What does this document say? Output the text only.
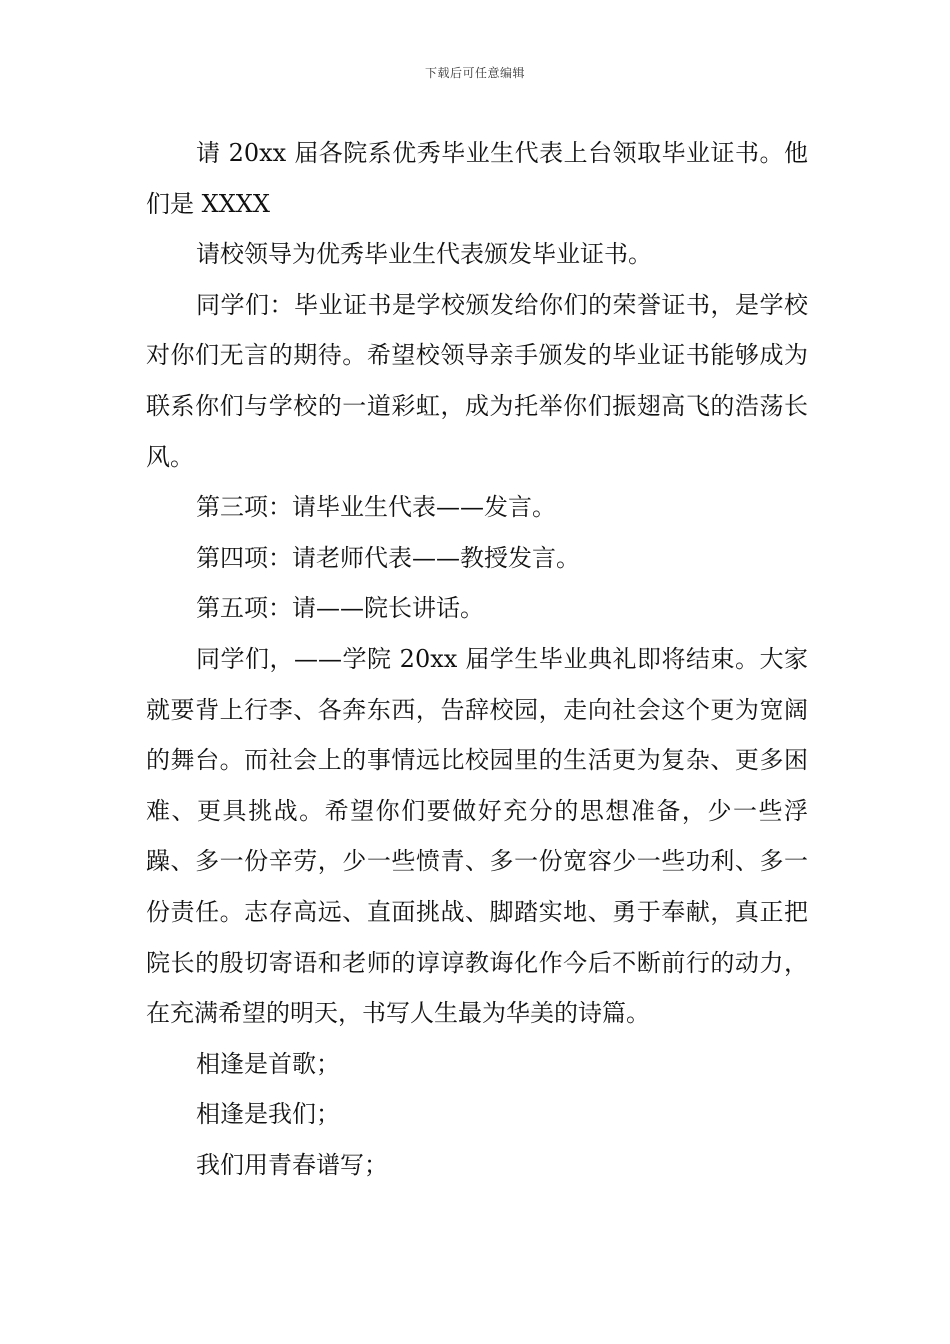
下载后可任意编辑

请 20xx 届各院系优秀毕业生代表上台领取毕业证书。他们是 XXXX

请校领导为优秀毕业生代表颁发毕业证书。

同学们：毕业证书是学校颁发给你们的荣誉证书，是学校对你们无言的期待。希望校领导亲手颁发的毕业证书能够成为联系你们与学校的一道彩虹，成为托举你们振翅高飞的浩荡长风。

第三项：请毕业生代表——发言。

第四项：请老师代表——教授发言。

第五项：请——院长讲话。

同学们，——学院 20xx 届学生毕业典礼即将结束。大家就要背上行李、各奔东西，告辞校园，走向社会这个更为宽阔的舞台。而社会上的事情远比校园里的生活更为复杂、更多困难、更具挑战。希望你们要做好充分的思想准备，少一些浮躁、多一份辛劳，少一些愤青、多一份宽容少一些功利、多一份责任。志存高远、直面挑战、脚踏实地、勇于奉献，真正把院长的殷切寄语和老师的谆谆教诲化作今后不断前行的动力，在充满希望的明天，书写人生最为华美的诗篇。

相逢是首歌；

相逢是我们；

我们用青春谱写；
